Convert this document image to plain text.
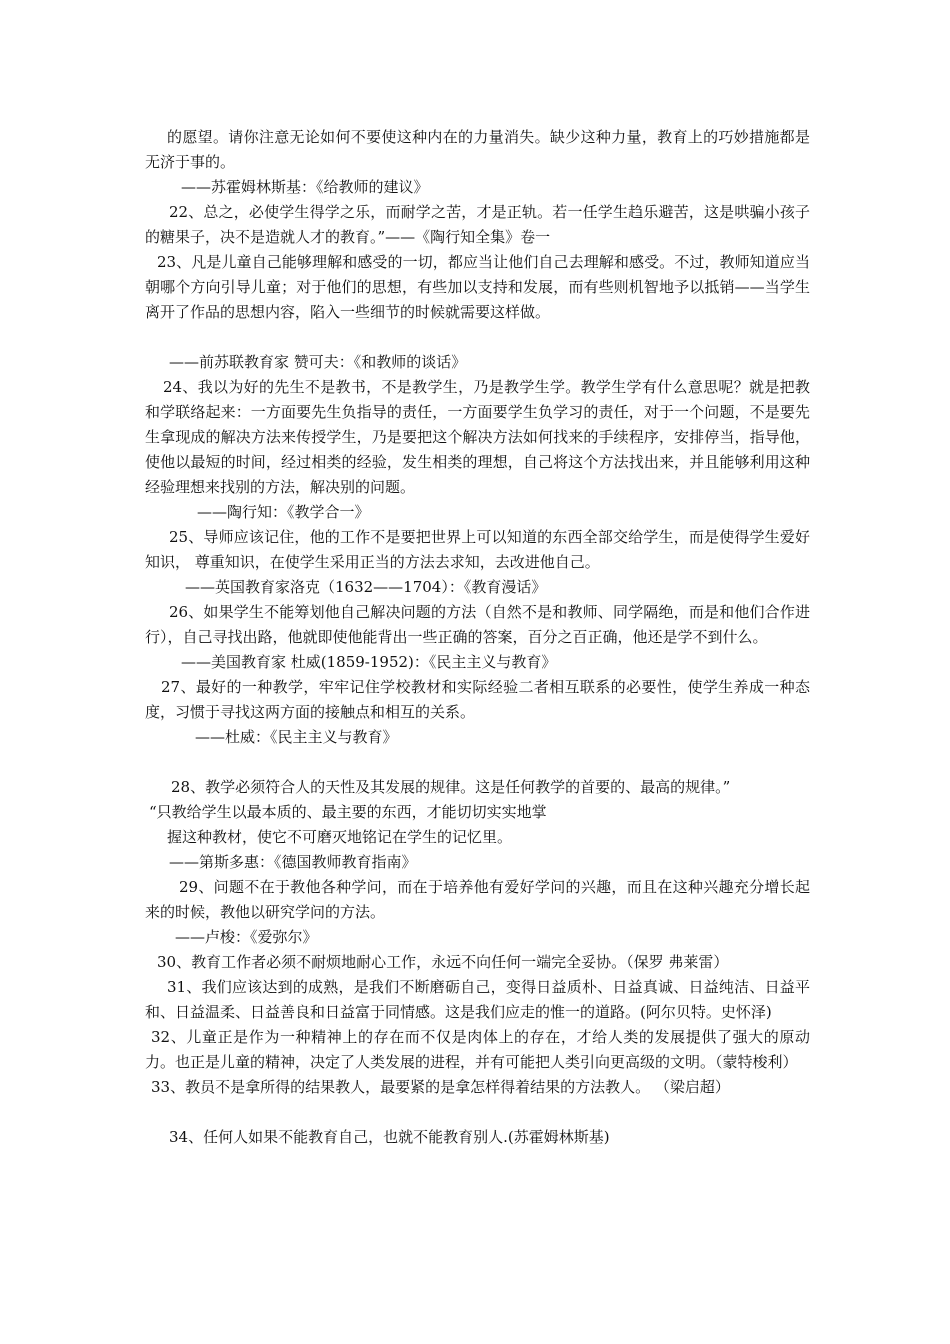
的愿望。请你注意无论如何不要使这种内在的力量消失。缺少这种力量，教育上的巧妙措施都是无济于事的。

——苏霍姆林斯基：《给教师的建议》

22、总之，必使学生得学之乐，而耐学之苦，才是正轨。若一任学生趋乐避苦，这是哄骗小孩子的糖果子，决不是造就人才的教育。”——《陶行知全集》卷一

23、凡是儿童自己能够理解和感受的一切，都应当让他们自己去理解和感受。不过，教师知道应当朝哪个方向引导儿童；对于他们的思想，有些加以支持和发展，而有些则机智地予以抵销——当学生离开了作品的思想内容，陷入一些细节的时候就需要这样做。

——前苏联教育家 赞可夫：《和教师的谈话》

24、我以为好的先生不是教书，不是教学生，乃是教学生学。教学生学有什么意思呢？就是把教和学联络起来：一方面要先生负指导的责任，一方面要学生负学习的责任，对于一个问题，不是要先生拿现成的解决方法来传授学生，乃是要把这个解决方法如何找来的手续程序，安排停当，指导他，使他以最短的时间，经过相类的经验，发生相类的理想，自己将这个方法找出来，并且能够利用这种经验理想来找别的方法，解决别的问题。

——陶行知：《教学合一》

25、导师应该记住，他的工作不是要把世界上可以知道的东西全部交给学生，而是使得学生爱好知识， 尊重知识，在使学生采用正当的方法去求知，去改进他自己。

——英国教育家洛克（1632——1704）：《教育漫话》

26、如果学生不能筹划他自己解决问题的方法（自然不是和教师、同学隔绝，而是和他们合作进行），自己寻找出路，他就即使他能背出一些正确的答案，百分之百正确，他还是学不到什么。

——美国教育家 杜威(1859-1952)：《民主主义与教育》

27、最好的一种教学，牢牢记住学校教材和实际经验二者相互联系的必要性，使学生养成一种态度，习惯于寻找这两方面的接触点和相互的关系。

——杜威：《民主主义与教育》

28、教学必须符合人的天性及其发展的规律。这是任何教学的首要的、最高的规律。”

“只教给学生以最本质的、最主要的东西，才能切切实实地掌

握这种教材，使它不可磨灭地铭记在学生的记忆里。

——第斯多惠：《德国教师教育指南》

29、问题不在于教他各种学问，而在于培养他有爱好学问的兴趣，而且在这种兴趣充分增长起来的时候，教他以研究学问的方法。

——卢梭：《爱弥尔》

30、教育工作者必须不耐烦地耐心工作，永远不向任何一端完全妥协。（保罗 弗莱雷）

31、我们应该达到的成熟，是我们不断磨砺自己，变得日益质朴、日益真诚、日益纯洁、日益平和、日益温柔、日益善良和日益富于同情感。这是我们应走的惟一的道路。(阿尔贝特。史怀泽)

32、儿童正是作为一种精神上的存在而不仅是肉体上的存在，才给人类的发展提供了强大的原动力。也正是儿童的精神，决定了人类发展的进程，并有可能把人类引向更高级的文明。（蒙特梭利）

33、教员不是拿所得的结果教人，最要紧的是拿怎样得着结果的方法教人。 （梁启超）

34、任何人如果不能教育自己，也就不能教育别人.(苏霍姆林斯基)
